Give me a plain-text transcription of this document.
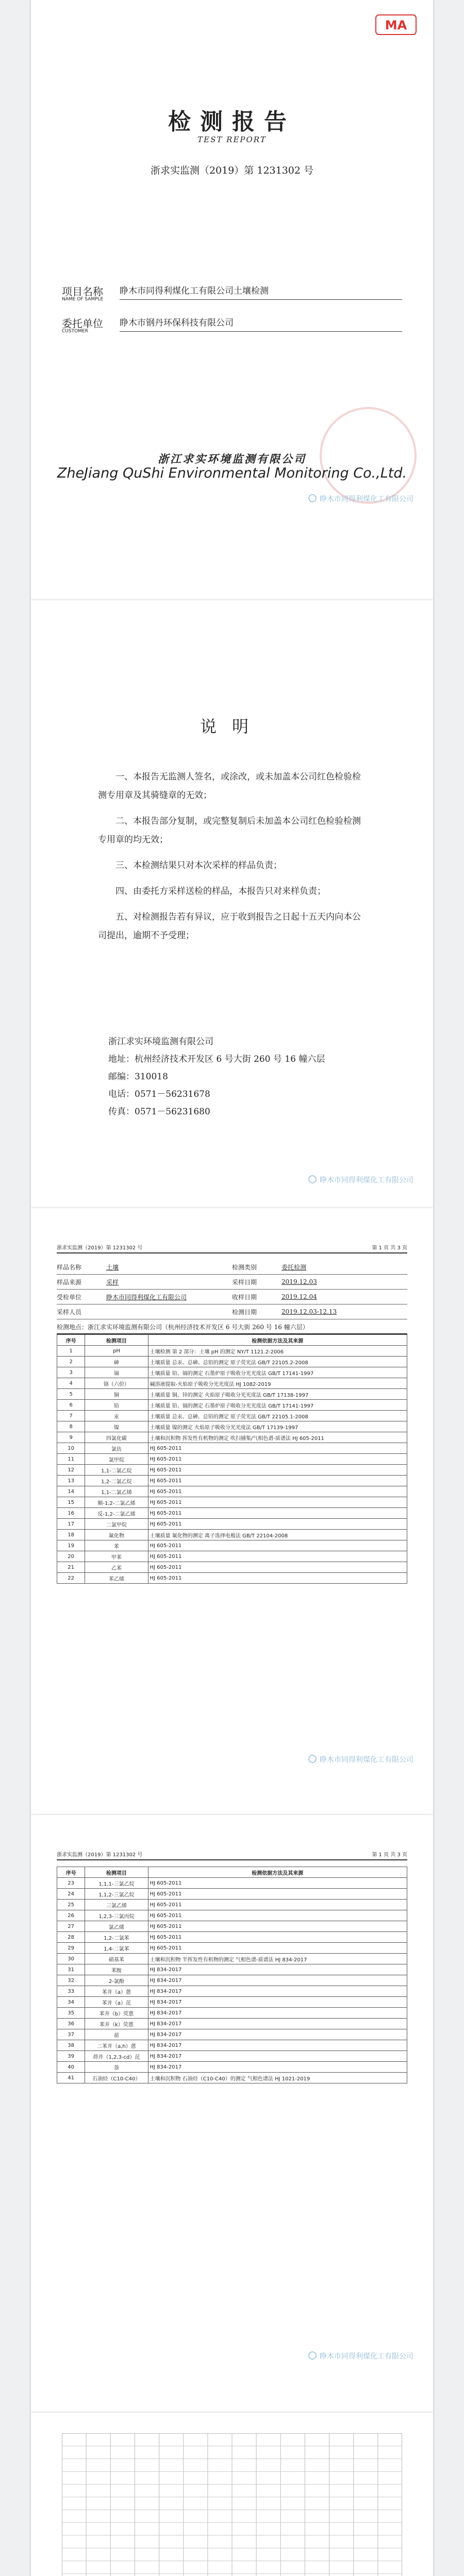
MA
检测报告
TEST REPORT
浙求实监测（2019）第 1231302 号
项目名称
NAME OF SAMPLE
睁木市同得利煤化工有限公司土壤检测
委托单位
CUSTOMER
睁木市钢丹环保科技有限公司
浙江求实环境监测有限公司
ZheJiang QuShi Environmental Monitoring Co.,Ltd.
睁木市同得利煤化工有限公司
说明

一、本报告无监测人签名，或涂改，或未加盖本公司红色检验检测专用章及其骑缝章的无效；

二、本报告部分复制，或完整复制后未加盖本公司红色检验检测专用章的均无效；

三、本检测结果只对本次采样的样品负责；

四、由委托方采样送检的样品，本报告只对来样负责；

五、对检测报告若有异议，应于收到报告之日起十五天内向本公司提出，逾期不予受理；

浙江求实环境监测有限公司
地址：杭州经济技术开发区 6 号大街 260 号 16 幢六层
邮编：310018
电话：0571－56231678
传真：0571－56231680
睁木市同得利煤化工有限公司
浙求实监测（2019）第 1231302 号	第 1 页 共 3 页
样品名称	土壤	检测类别	委托检测
样品来源	采样	采样日期	2019.12.03
受检单位	睁木市同得利煤化工有限公司	收样日期	2019.12.04
采样人员	检测日期	2019.12.03-12.13
检测地点：浙江求实环境监测有限公司（杭州经济技术开发区 6 号大街 260 号 16 幢六层）
序号	检测项目	检测依据方法及其来源
1	pH	土壤检测 第 2 部分：土壤 pH 的测定 NY/T 1121.2-2006
2	砷	土壤质量 总汞、总砷、总铅的测定 原子荧光法 GB/T 22105.2-2008
3	镉	土壤质量 铅、镉的测定 石墨炉原子吸收分光光度法 GB/T 17141-1997
4	铬（六价）	碱溶液提取-火焰原子吸收分光光度法 HJ 1082-2019
5	铜	土壤质量 铜、锌的测定 火焰原子吸收分光光度法 GB/T 17138-1997
6	铅	土壤质量 铅、镉的测定 石墨炉原子吸收分光光度法 GB/T 17141-1997
7	汞	土壤质量 总汞、总砷、总铅的测定 原子荧光法 GB/T 22105.1-2008
8	镍	土壤质量 镍的测定 火焰原子吸收分光光度法 GB/T 17139-1997
9	四氯化碳	土壤和沉积物 挥发性有机物的测定 吹扫捕集/气相色谱-质谱法 HJ 605-2011
10	氯仿	HJ 605-2011
11	氯甲烷	HJ 605-2011
12	1,1-二氯乙烷	HJ 605-2011
13	1,2-二氯乙烷	HJ 605-2011
14	1,1-二氯乙烯	HJ 605-2011
15	顺-1,2-二氯乙烯	HJ 605-2011
16	反-1,2-二氯乙烯	HJ 605-2011
17	二氯甲烷	HJ 605-2011
18	氟化物	土壤质量 氟化物的测定 离子选择电极法 GB/T 22104-2008
19	苯	HJ 605-2011
20	甲苯	HJ 605-2011
21	乙苯	HJ 605-2011
22	苯乙烯	HJ 605-2011
睁木市同得利煤化工有限公司
浙求实监测（2019）第 1231302 号	第 1 页 共 3 页
序号	检测项目	检测依据方法及其来源
23	1,1,1-三氯乙烷	HJ 605-2011
24	1,1,2-三氯乙烷	HJ 605-2011
25	三氯乙烯	HJ 605-2011
26	1,2,3-三氯丙烷	HJ 605-2011
27	氯乙烯	HJ 605-2011
28	1,2-二氯苯	HJ 605-2011
29	1,4-二氯苯	HJ 605-2011
30	硝基苯	土壤和沉积物 半挥发性有机物的测定 气相色谱-质谱法 HJ 834-2017
31	苯胺	HJ 834-2017
32	2-氯酚	HJ 834-2017
33	苯并（a）蒽	HJ 834-2017
34	苯并（a）芘	HJ 834-2017
35	苯并（b）荧蒽	HJ 834-2017
36	苯并（k）荧蒽	HJ 834-2017
37	䓛	HJ 834-2017
38	二苯并（a,h）蒽	HJ 834-2017
39	茚并（1,2,3-cd）芘	HJ 834-2017
40	萘	HJ 834-2017
41	石油烃（C10-C40）	土壤和沉积物 石油烃（C10-C40）的测定 气相色谱法 HJ 1021-2019
睁木市同得利煤化工有限公司
